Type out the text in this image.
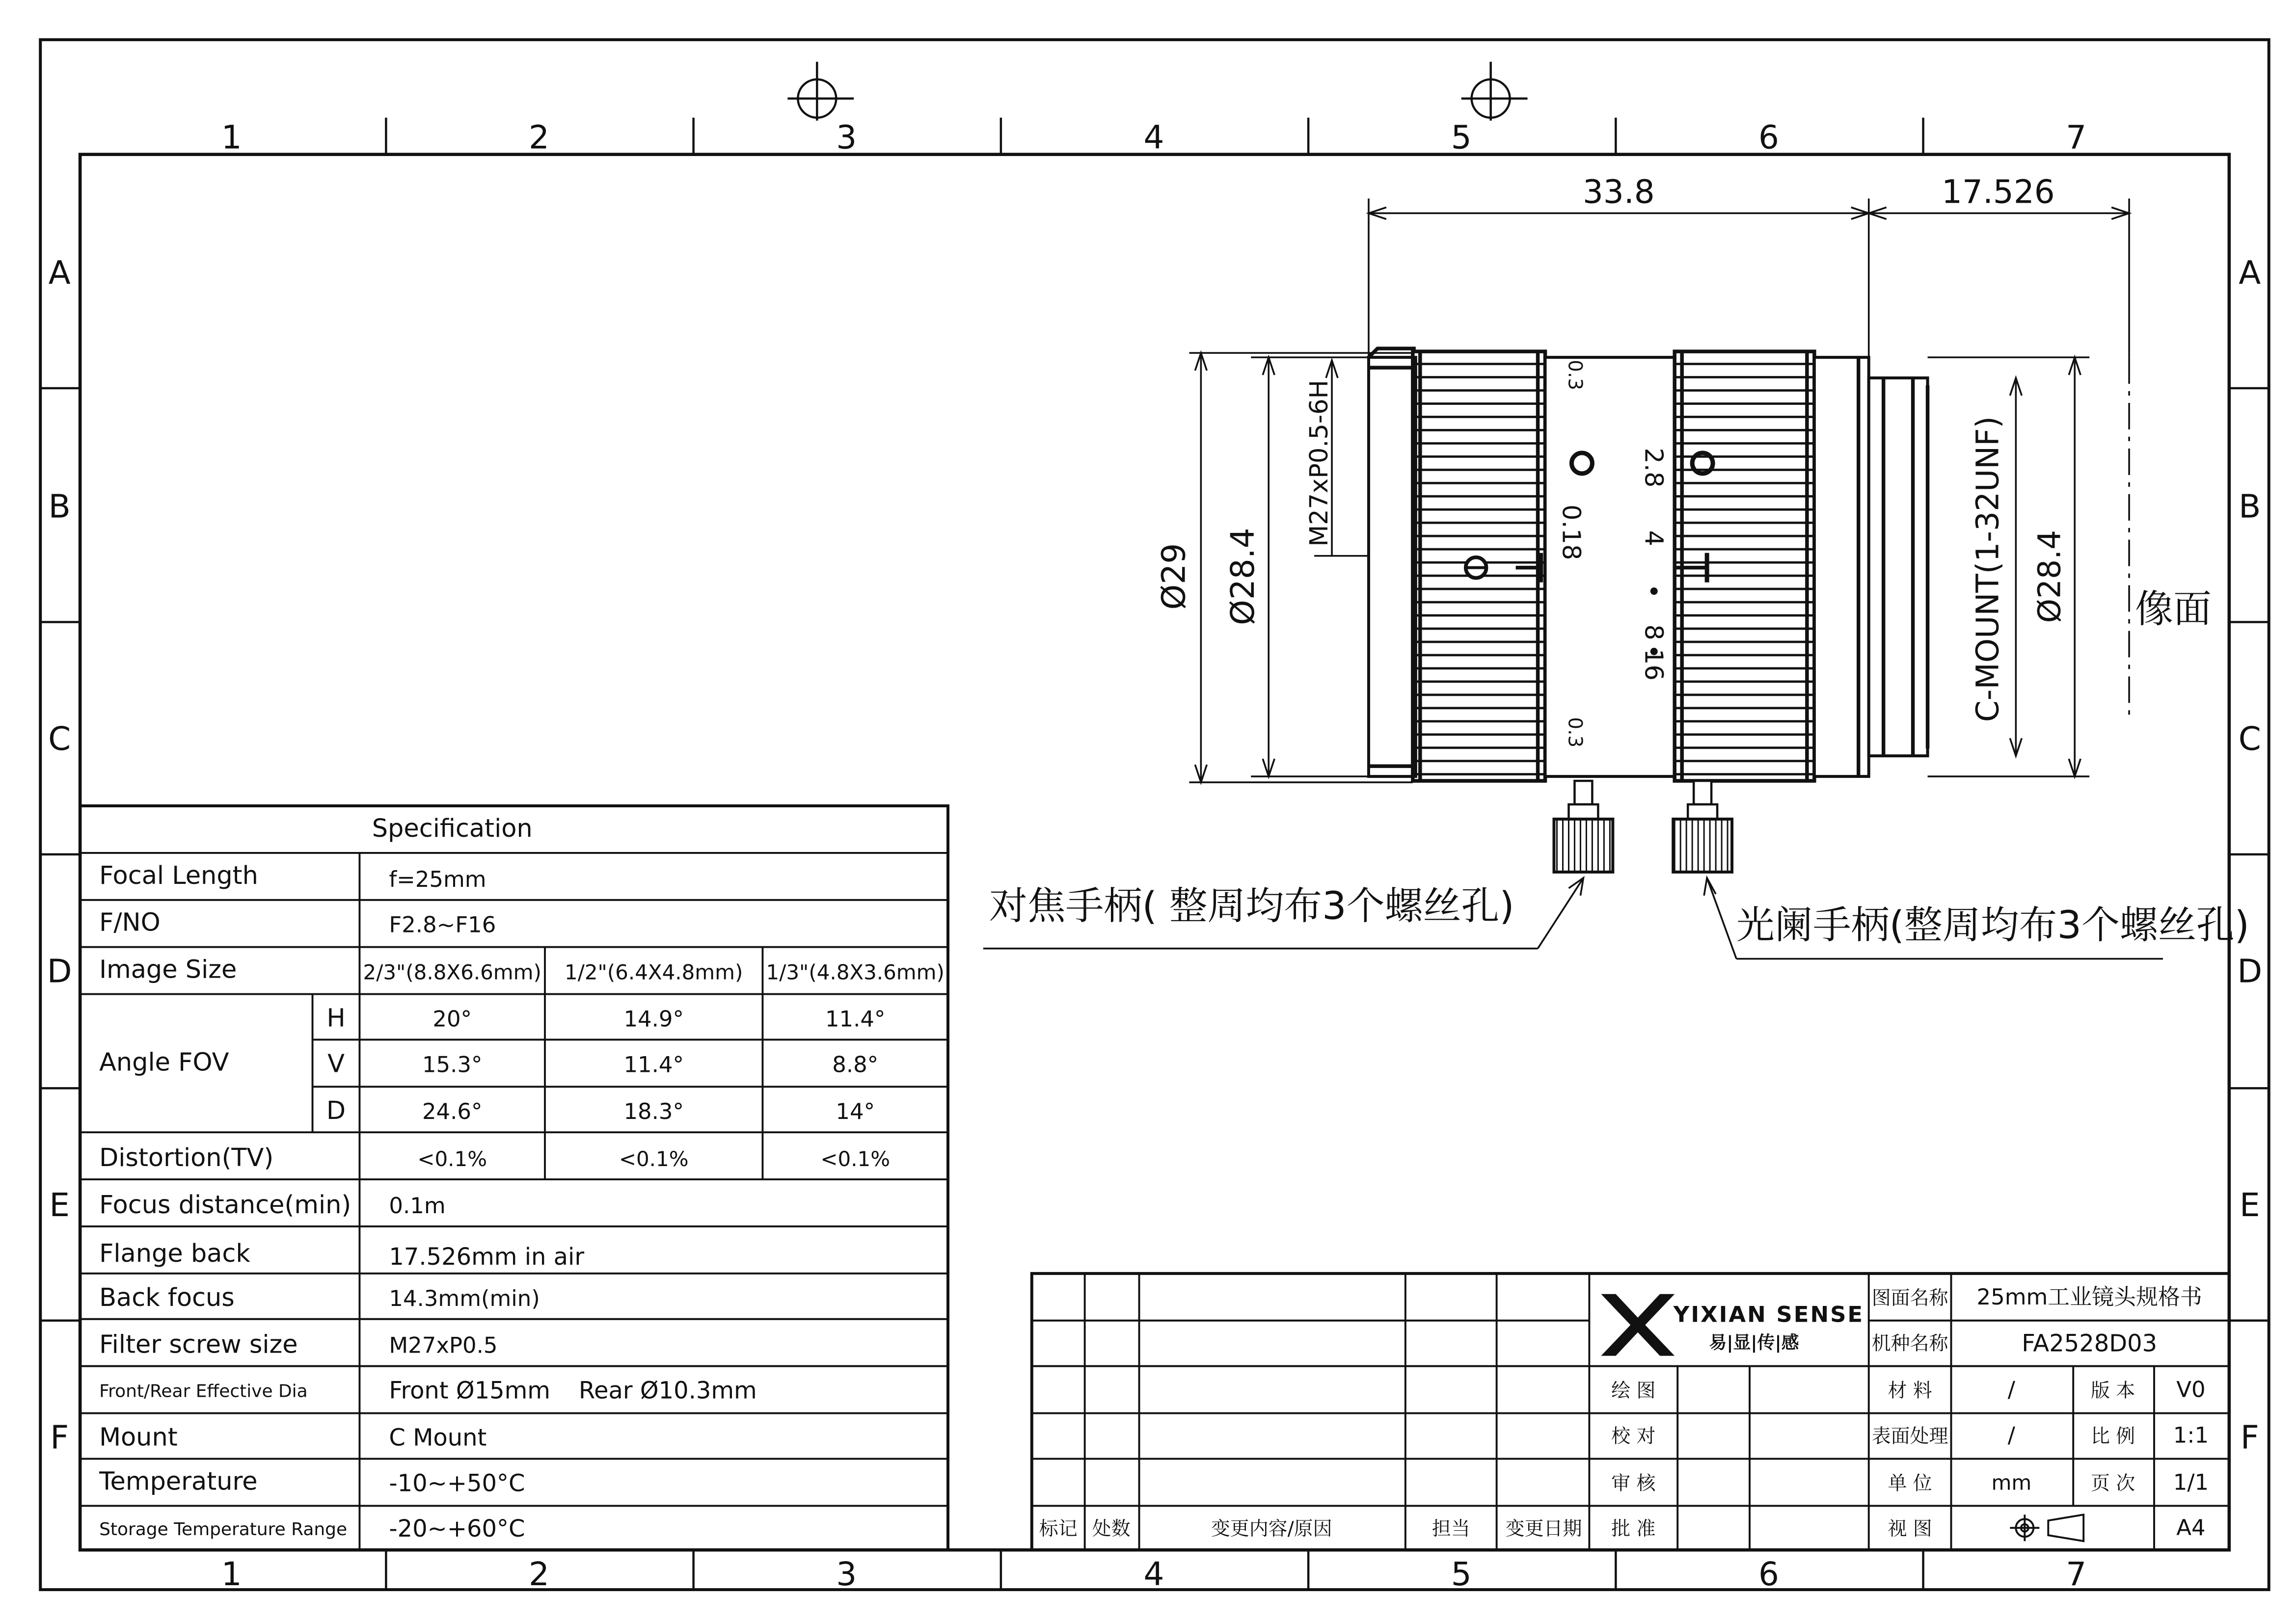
1	2	3	4	5	6	7
1	2	3	4	5	6	7
A
B
C
D
E
F
A
B
C
D
E
F
33.8	17.526
Ø29	Ø28.4
M27xP0.5-6H
0.3
0.18
0.3
2.8
4
8
16	C-MOUNT(1-32UNF)	Ø28.4	像面
对焦手柄( 整周均布3个螺丝孔)	光阑手柄(整周均布3个螺丝孔)
Specification
Focal Length	f=25mm
F/NO	F2.8~F16
Image Size	2/3"(8.8X6.6mm)	1/2"(6.4X4.8mm)	1/3"(4.8X3.6mm)
Angle FOV
H	20°	14.9°	11.4°
V	15.3°	11.4°	8.8°
D	24.6°	18.3°	14°
Distortion(TV)	<0.1%	<0.1%	<0.1%
Focus distance(min)	0.1m
Flange back	17.526mm in air
Back focus	14.3mm(min)
Filter screw size	M27xP0.5
Front/Rear Effective Dia	Front Ø15mm	Rear Ø10.3mm
Mount	C Mount
Temperature	-10~+50°C
Storage Temperature Range	-20~+60°C
YIXIAN SENSE
易|显|传|感
标记 处数	变更内容/原因	担当	变更日期
绘 图
校 对
审 核
批 准
图面名称	25mm工业镜头规格书
机种名称	FA2528D03
材 料	/	版 本	V0
表面处理	/	比 例	1:1
单 位	mm	页 次	1/1
视 图	A4
